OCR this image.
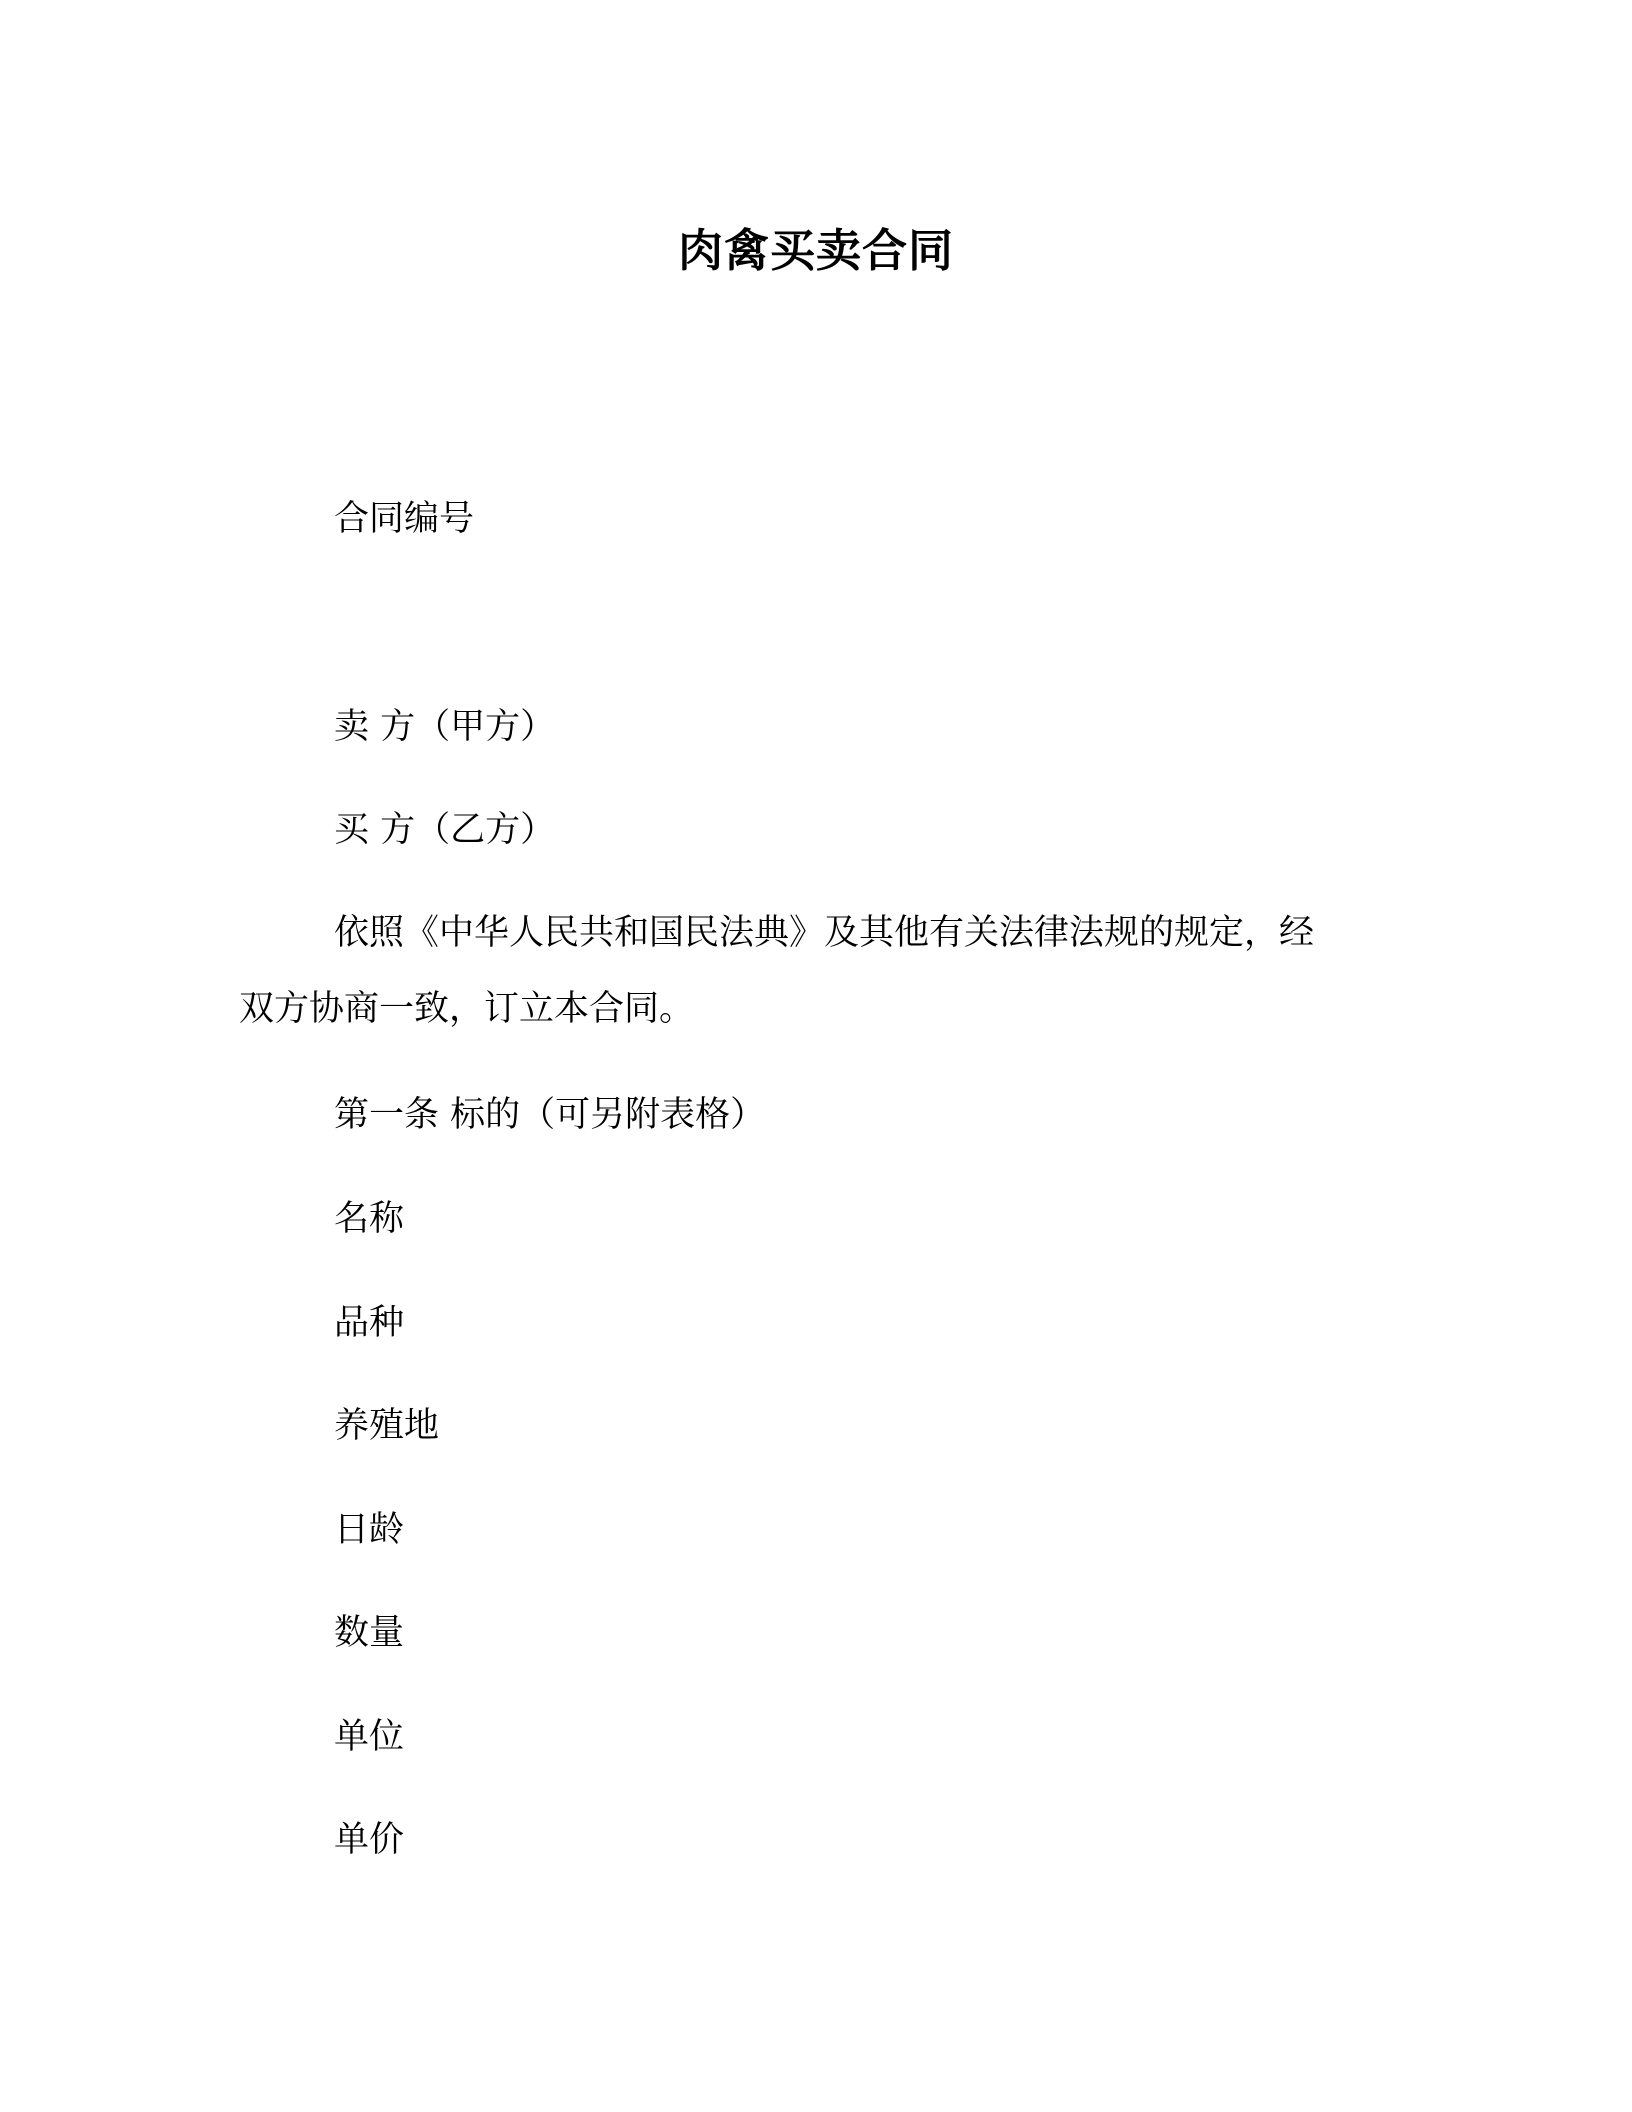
肉禽买卖合同
合同编号
卖 方（甲方）
买 方（乙方）
依照《中华人民共和国民法典》及其他有关法律法规的规定，经
双方协商一致，订立本合同。
第一条 标的（可另附表格）
名称
品种
养殖地
日龄
数量
单位
单价
